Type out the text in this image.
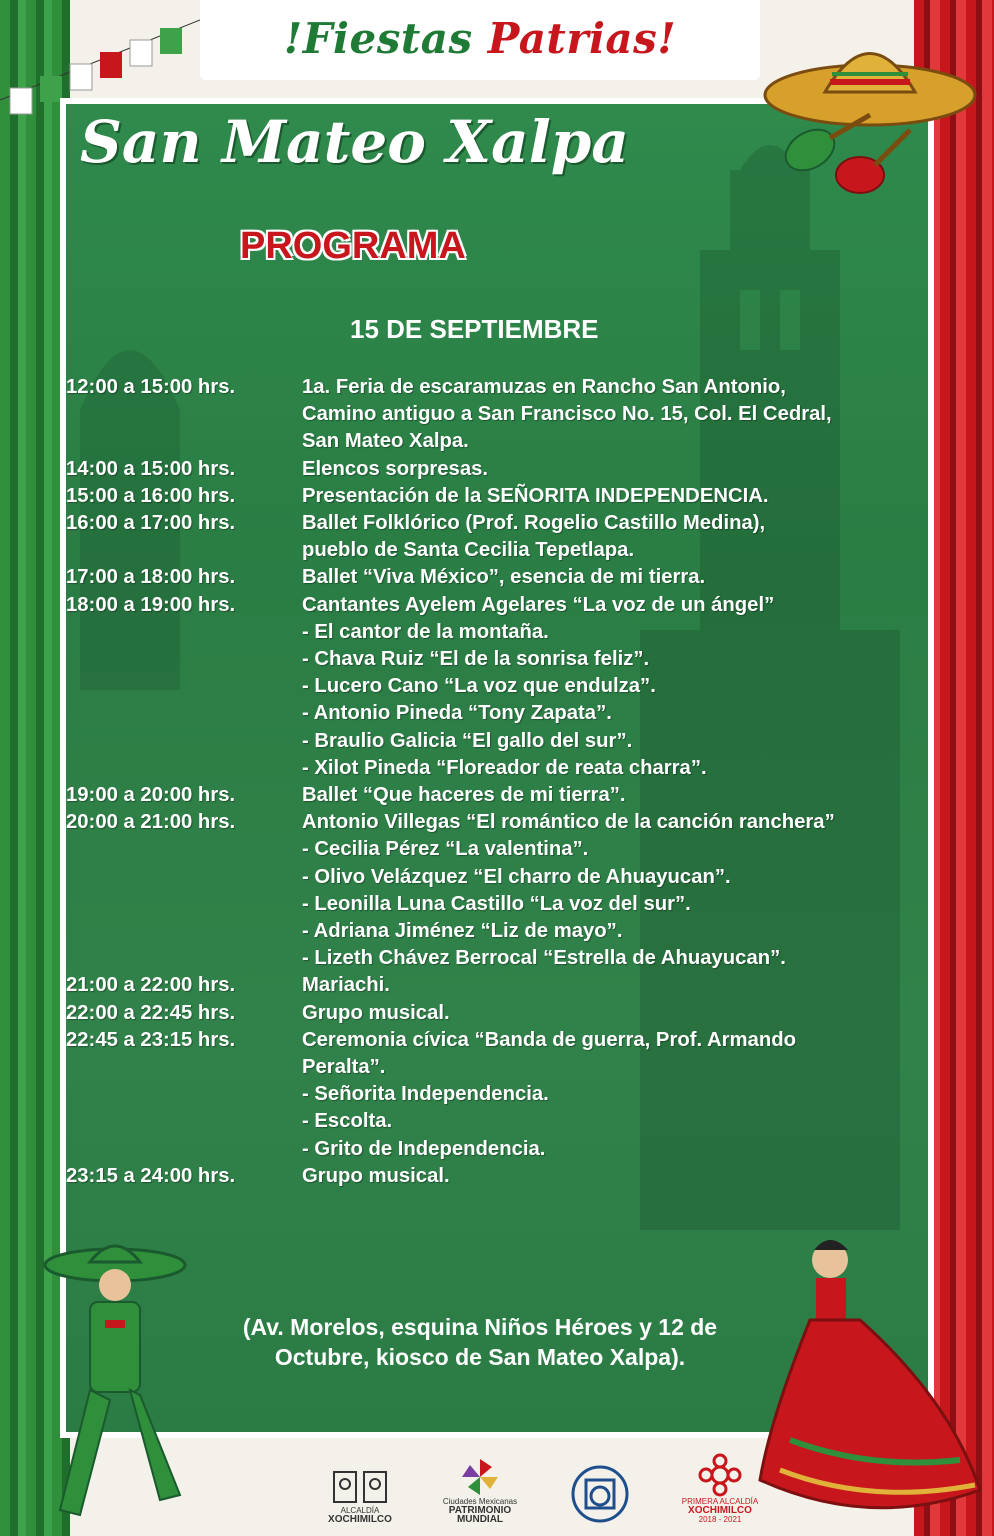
!Fiestas Patrias!
San Mateo Xalpa
PROGRAMA
15 DE SEPTIEMBRE
12:00 a 15:00 hrs.	1a. Feria de escaramuzas en Rancho San Antonio,
Camino antiguo a San Francisco No. 15, Col. El Cedral,
San Mateo Xalpa.
14:00 a 15:00 hrs.	Elencos sorpresas.
15:00 a 16:00 hrs.	Presentación de la SEÑORITA INDEPENDENCIA.
16:00 a 17:00 hrs.	Ballet Folklórico (Prof. Rogelio Castillo Medina),
pueblo de Santa Cecilia Tepetlapa.
17:00 a 18:00 hrs.	Ballet “Viva México”, esencia de mi tierra.
18:00 a 19:00 hrs.	Cantantes Ayelem Agelares “La voz de un ángel”
- El cantor de la montaña.
- Chava Ruiz “El de la sonrisa feliz”.
- Lucero Cano “La voz que endulza”.
- Antonio Pineda “Tony Zapata”.
- Braulio Galicia “El gallo del sur”.
- Xilot Pineda “Floreador de reata charra”.
19:00 a 20:00 hrs.	Ballet “Que haceres de mi tierra”.
20:00 a 21:00 hrs.	Antonio Villegas “El romántico de la canción ranchera”
- Cecilia Pérez “La valentina”.
- Olivo Velázquez “El charro de Ahuayucan”.
- Leonilla Luna Castillo “La voz del sur”.
- Adriana Jiménez “Liz de mayo”.
- Lizeth Chávez Berrocal “Estrella de Ahuayucan”.
21:00 a 22:00 hrs.	Mariachi.
22:00 a 22:45 hrs.	Grupo musical.
22:45 a 23:15 hrs.	Ceremonia cívica “Banda de guerra, Prof. Armando
Peralta”.
- Señorita Independencia.
- Escolta.
- Grito de Independencia.
23:15 a 24:00 hrs.	Grupo musical.
(Av. Morelos, esquina Niños Héroes y 12 de
Octubre, kiosco de San Mateo Xalpa).
ALCALDÍA
XOCHIMILCO
Ciudades Mexicanas
PATRIMONIO MUNDIAL
PRIMERA ALCALDÍA
XOCHIMILCO
2018 - 2021
